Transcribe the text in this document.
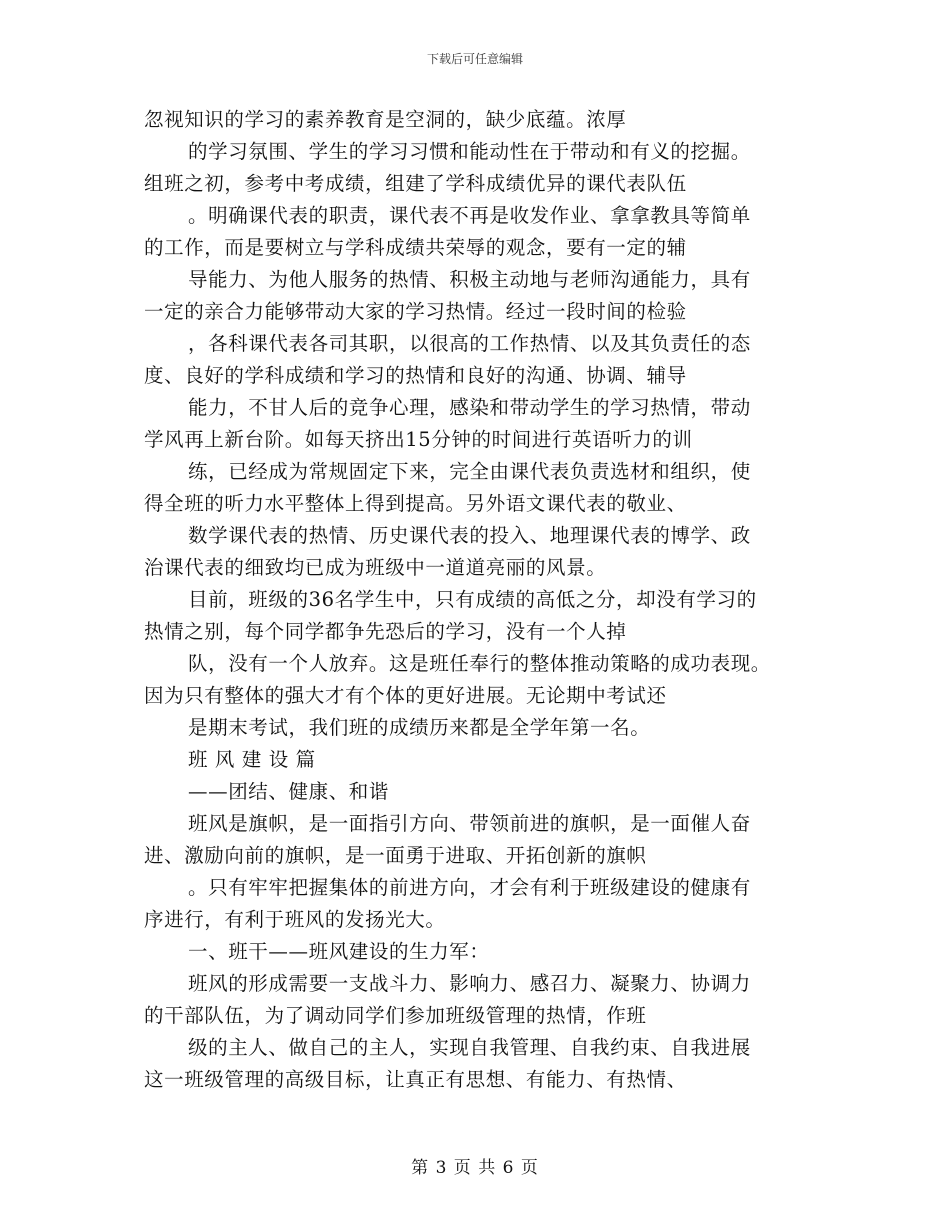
下载后可任意编辑
忽视知识的学习的素养教育是空洞的，缺少底蕴。浓厚
的学习氛围、学生的学习习惯和能动性在于带动和有义的挖掘。
组班之初，参考中考成绩，组建了学科成绩优异的课代表队伍
。明确课代表的职责，课代表不再是收发作业、拿拿教具等简单
的工作，而是要树立与学科成绩共荣辱的观念，要有一定的辅
导能力、为他人服务的热情、积极主动地与老师沟通能力，具有
一定的亲合力能够带动大家的学习热情。经过一段时间的检验
，各科课代表各司其职，以很高的工作热情、以及其负责任的态
度、良好的学科成绩和学习的热情和良好的沟通、协调、辅导
能力，不甘人后的竞争心理，感染和带动学生的学习热情，带动
学风再上新台阶。如每天挤出15分钟的时间进行英语听力的训
练，已经成为常规固定下来，完全由课代表负责选材和组织，使
得全班的听力水平整体上得到提高。另外语文课代表的敬业、
数学课代表的热情、历史课代表的投入、地理课代表的博学、政
治课代表的细致均已成为班级中一道道亮丽的风景。
目前，班级的36名学生中，只有成绩的高低之分，却没有学习的
热情之别，每个同学都争先恐后的学习，没有一个人掉
队，没有一个人放弃。这是班任奉行的整体推动策略的成功表现。
因为只有整体的强大才有个体的更好进展。无论期中考试还
是期末考试，我们班的成绩历来都是全学年第一名。
班 风 建 设 篇
——团结、健康、和谐
班风是旗帜，是一面指引方向、带领前进的旗帜，是一面催人奋
进、激励向前的旗帜，是一面勇于进取、开拓创新的旗帜
。只有牢牢把握集体的前进方向，才会有利于班级建设的健康有
序进行，有利于班风的发扬光大。
一、班干——班风建设的生力军：
班风的形成需要一支战斗力、影响力、感召力、凝聚力、协调力
的干部队伍，为了调动同学们参加班级管理的热情，作班
级的主人、做自己的主人，实现自我管理、自我约束、自我进展
这一班级管理的高级目标，让真正有思想、有能力、有热情、
第 3 页 共 6 页
